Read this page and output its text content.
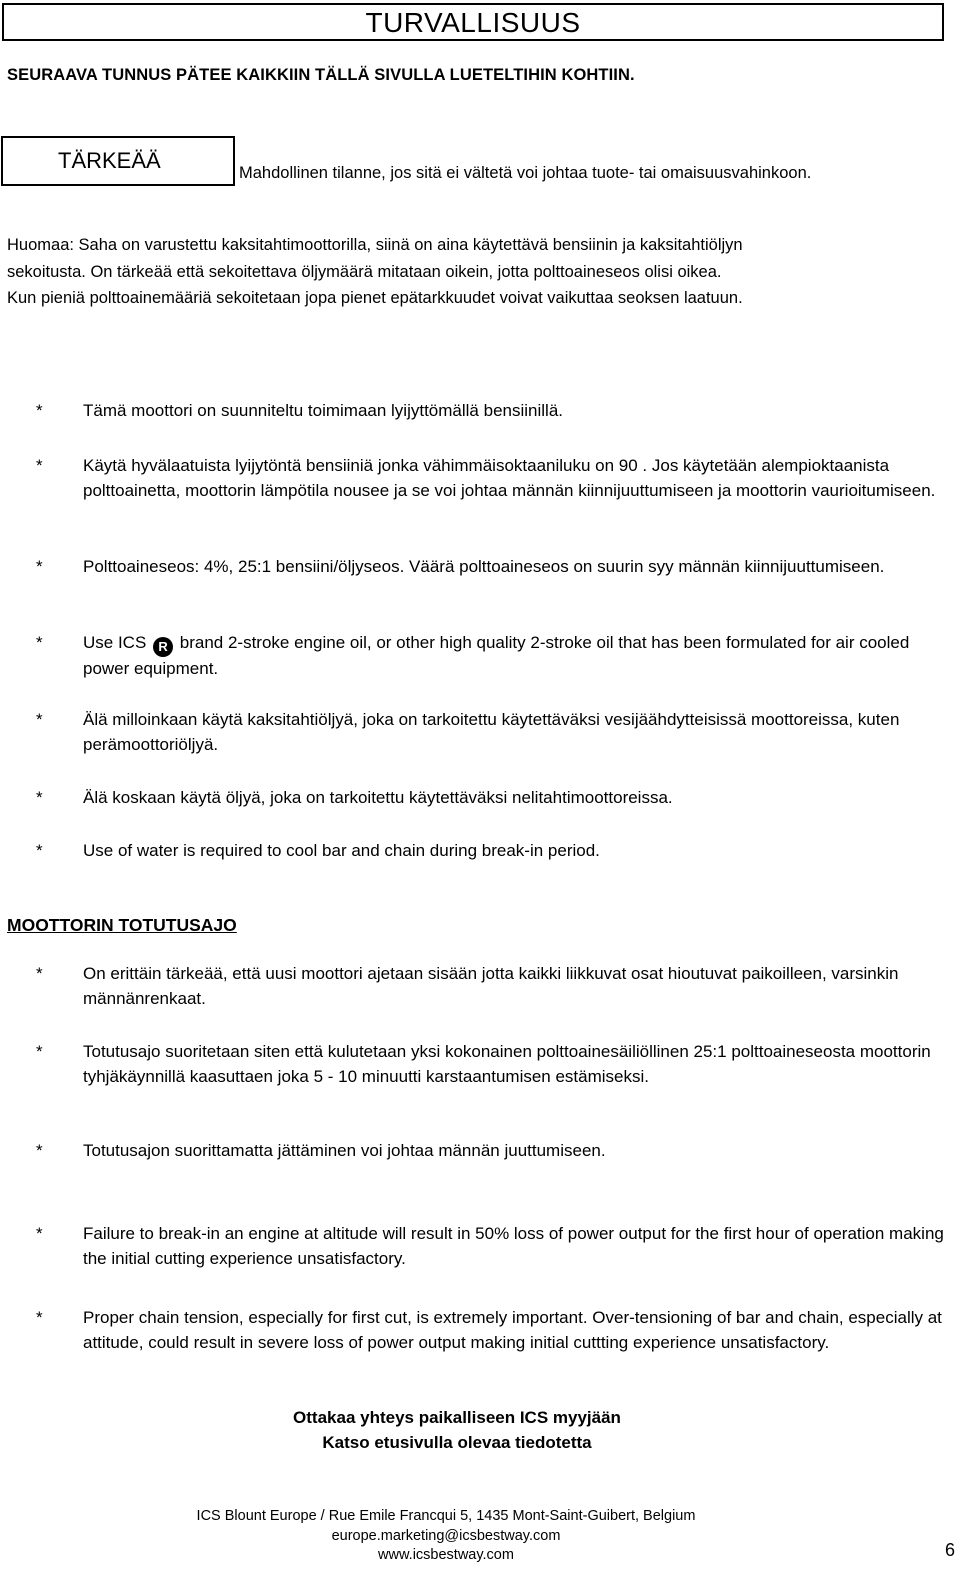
TURVALLISUUS
SEURAAVA TUNNUS PÄTEE KAIKKIIN TÄLLÄ SIVULLA LUETELTIHIN KOHTIIN.
TÄRKEÄÄ	Mahdollinen tilanne, jos sitä ei vältetä voi johtaa tuote- tai omaisuusvahinkoon.
Huomaa: Saha on varustettu kaksitahtimoottorilla, siinä on aina käytettävä bensiinin ja kaksitahtiöljyn
sekoitusta. On tärkeää että sekoitettava öljymäärä mitataan oikein, jotta polttoaineseos olisi oikea.
Kun pieniä polttoainemääriä sekoitetaan jopa pienet epätarkkuudet voivat vaikuttaa seoksen laatuun.
* Tämä moottori on suunniteltu toimimaan lyijyttömällä bensiinillä.
* Käytä hyvälaatuista lyijytöntä bensiiniä jonka vähimmäisoktaaniluku on 90 . Jos käytetään alempioktaanista polttoainetta, moottorin lämpötila nousee ja se voi johtaa männän kiinnijuuttumiseen ja moottorin vaurioitumiseen.
* Polttoaineseos: 4%, 25:1 bensiini/öljyseos. Väärä polttoaineseos on suurin syy männän kiinnijuuttumiseen.
* Use ICS R brand 2-stroke engine oil, or other high quality 2-stroke oil that has been formulated for air cooled power equipment.
* Älä milloinkaan käytä kaksitahtiöljyä, joka on tarkoitettu käytettäväksi vesijäähdytteisissä moottoreissa, kuten perämoottoriöljyä.
* Älä koskaan käytä öljyä, joka on tarkoitettu käytettäväksi nelitahtimoottoreissa.
* Use of water is required to cool bar and chain during break-in period.
MOOTTORIN TOTUTUSAJO
* On erittäin tärkeää, että uusi moottori ajetaan sisään jotta kaikki liikkuvat osat hioutuvat paikoilleen, varsinkin männänrenkaat.
* Totutusajo suoritetaan siten että kulutetaan yksi kokonainen polttoainesäiliöllinen 25:1 polttoaineseosta moottorin tyhjäkäynnillä kaasuttaen joka 5 - 10 minuutti karstaantumisen estämiseksi.
* Totutusajon suorittamatta jättäminen voi johtaa männän juuttumiseen.
* Failure to break-in an engine at altitude will result in 50% loss of power output for the first hour of operation making the initial cutting experience unsatisfactory.
* Proper chain tension, especially for first cut, is extremely important. Over-tensioning of bar and chain, especially at attitude, could result in severe loss of power output making initial cuttting experience unsatisfactory.
Ottakaa yhteys paikalliseen ICS myyjään
Katso etusivulla olevaa tiedotetta
ICS Blount Europe / Rue Emile Francqui 5, 1435 Mont-Saint-Guibert, Belgium
europe.marketing@icsbestway.com
www.icsbestway.com	6
